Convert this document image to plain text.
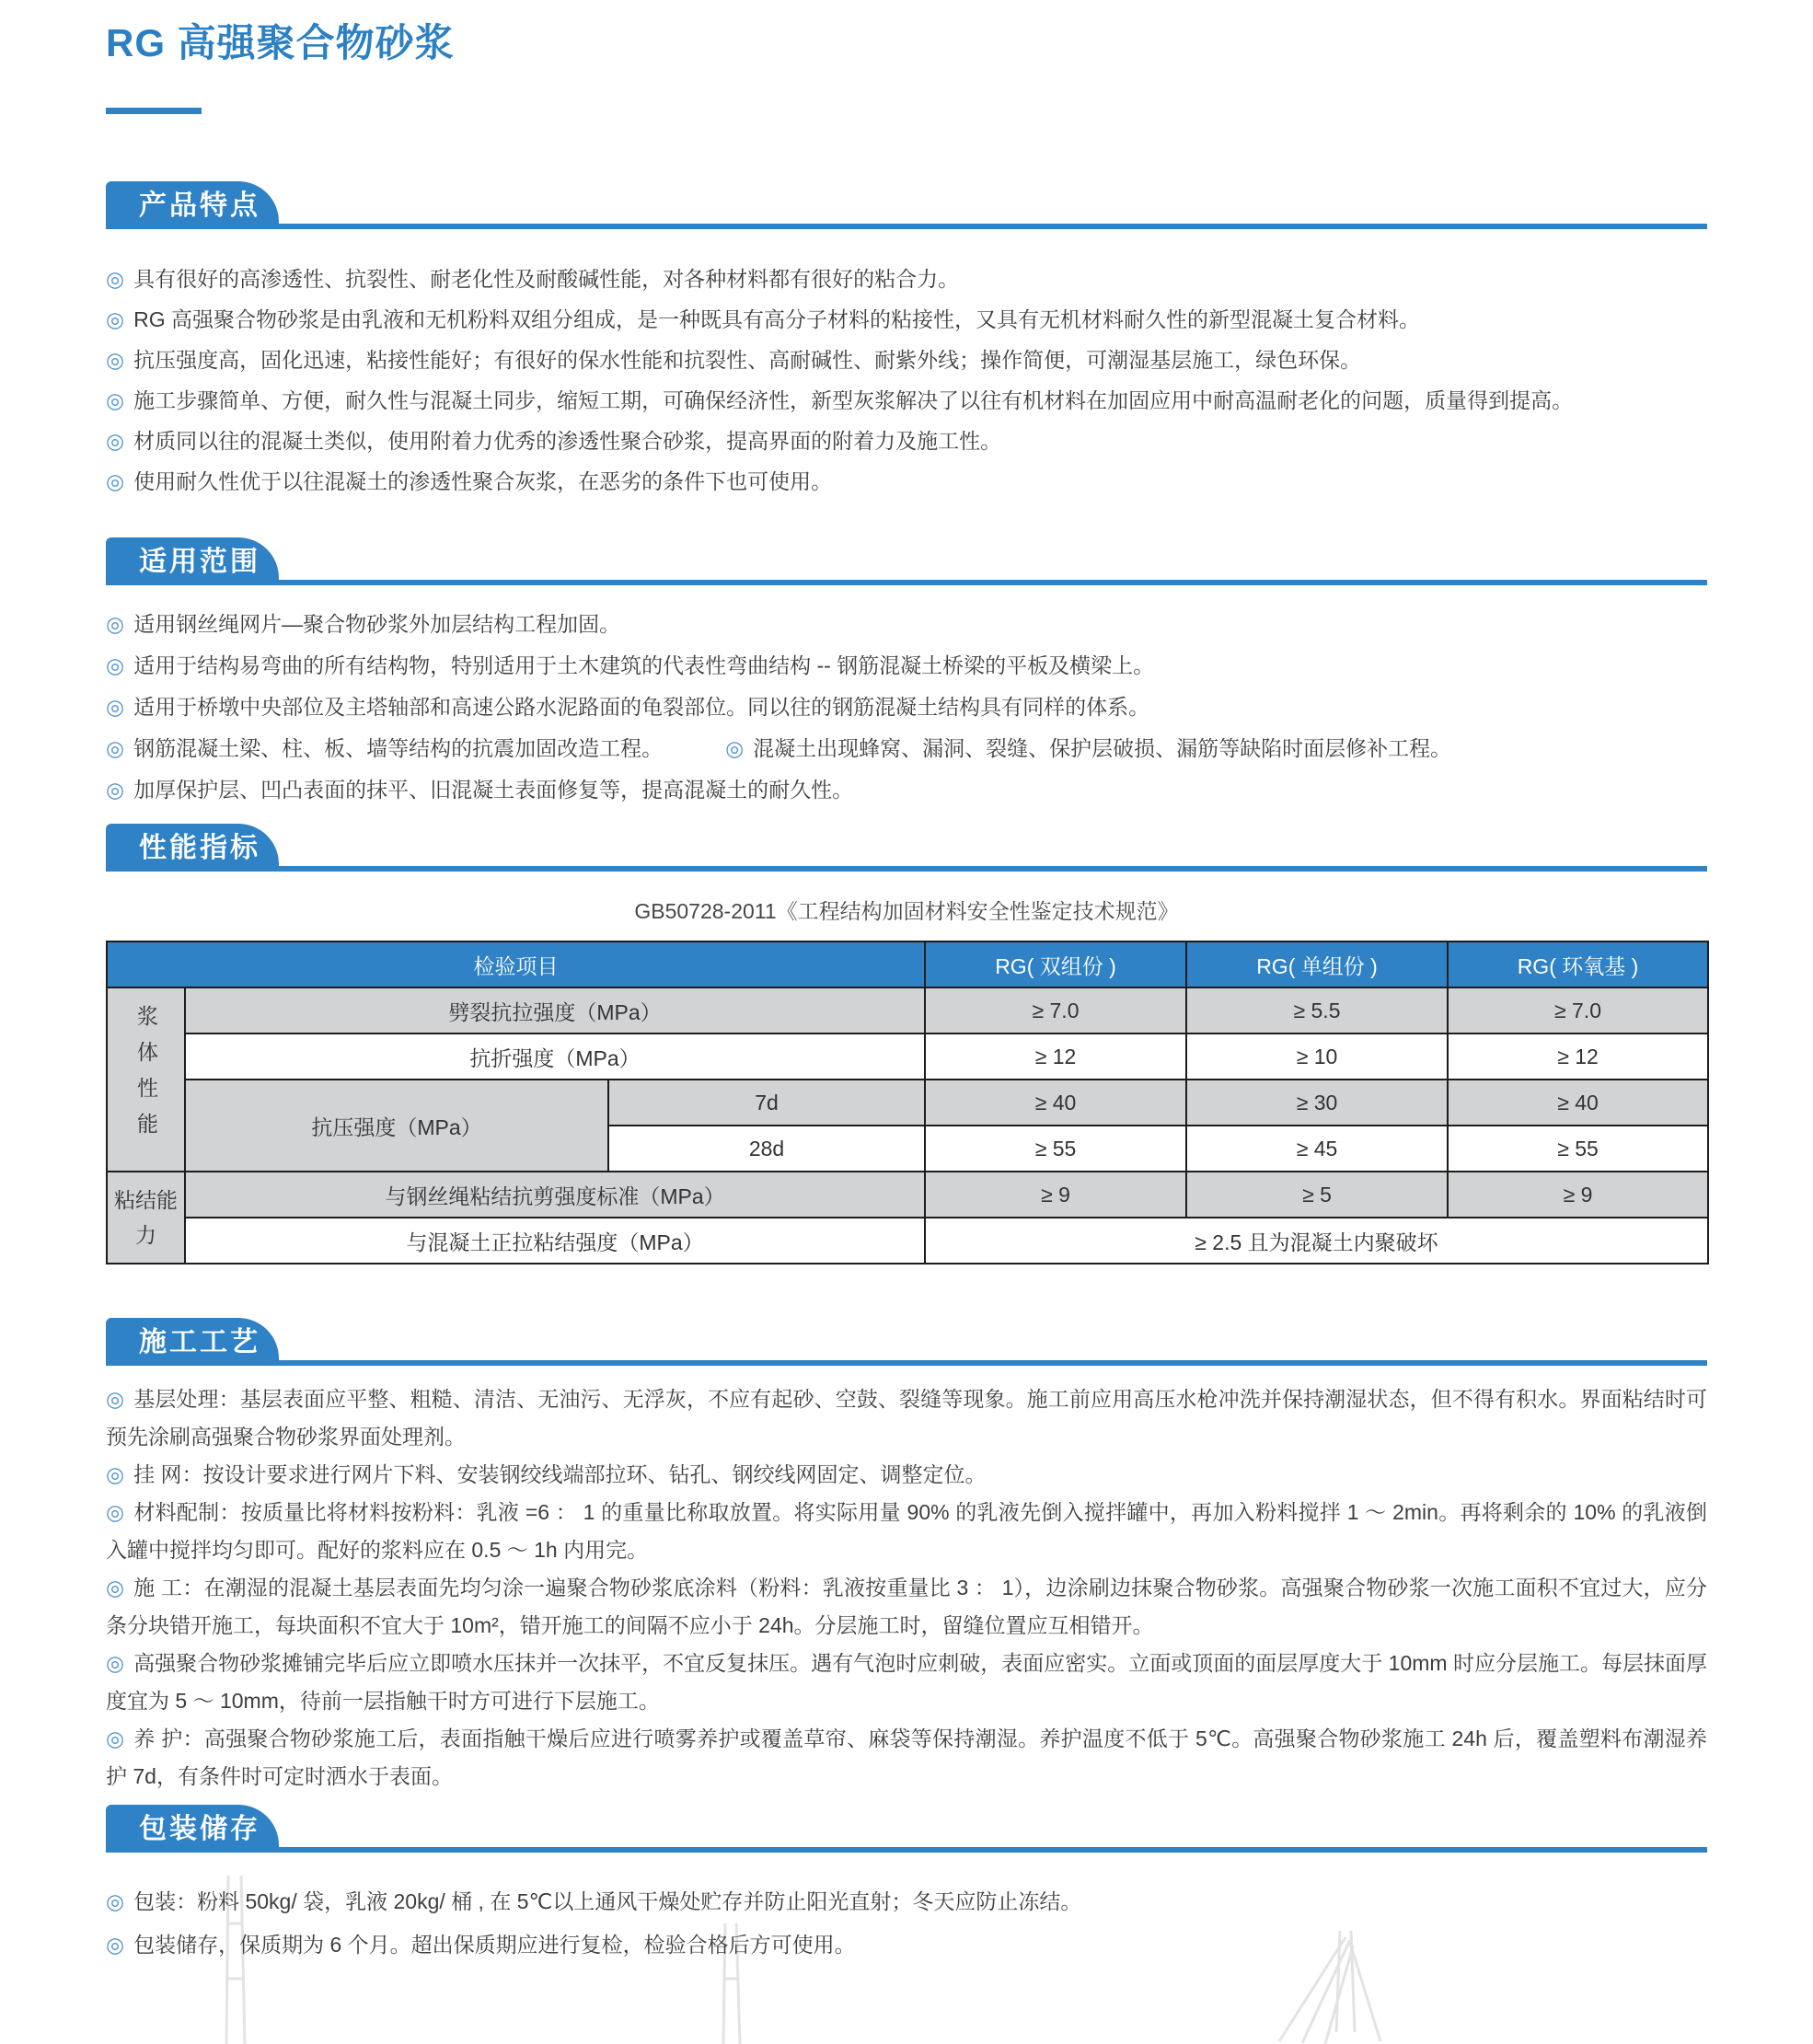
RG 高强聚合物砂浆
产品特点
◎ 具有很好的高渗透性、抗裂性、耐老化性及耐酸碱性能，对各种材料都有很好的粘合力。
◎ RG 高强聚合物砂浆是由乳液和无机粉料双组分组成，是一种既具有高分子材料的粘接性，又具有无机材料耐久性的新型混凝土复合材料。
◎ 抗压强度高，固化迅速，粘接性能好；有很好的保水性能和抗裂性、高耐碱性、耐紫外线；操作简便，可潮湿基层施工，绿色环保。
◎ 施工步骤简单、方便，耐久性与混凝土同步，缩短工期，可确保经济性，新型灰浆解决了以往有机材料在加固应用中耐高温耐老化的问题，质量得到提高。
◎ 材质同以往的混凝土类似，使用附着力优秀的渗透性聚合砂浆，提高界面的附着力及施工性。
◎ 使用耐久性优于以往混凝土的渗透性聚合灰浆，在恶劣的条件下也可使用。
适用范围
◎ 适用钢丝绳网片—聚合物砂浆外加层结构工程加固。
◎ 适用于结构易弯曲的所有结构物，特别适用于土木建筑的代表性弯曲结构 -- 钢筋混凝土桥梁的平板及横梁上。
◎ 适用于桥墩中央部位及主塔轴部和高速公路水泥路面的龟裂部位。同以往的钢筋混凝土结构具有同样的体系。
◎ 钢筋混凝土梁、柱、板、墙等结构的抗震加固改造工程。	◎ 混凝土出现蜂窝、漏洞、裂缝、保护层破损、漏筋等缺陷时面层修补工程。
◎ 加厚保护层、凹凸表面的抹平、旧混凝土表面修复等，提高混凝土的耐久性。
性能指标
GB50728-2011《工程结构加固材料安全性鉴定技术规范》
检验项目			RG( 双组份 )	RG( 单组份 )	RG( 环氧基 )
浆体性能	劈裂抗拉强度（MPa）		≥ 7.0	≥ 5.5	≥ 7.0
	抗折强度（MPa）		≥ 12	≥ 10	≥ 12
	抗压强度（MPa）	7d	≥ 40	≥ 30	≥ 40
		28d	≥ 55	≥ 45	≥ 55

粘结能力	与钢丝绳粘结抗剪强度标准（MPa）		≥ 9	≥ 5	≥ 9
	与混凝土正拉粘结强度（MPa）		≥ 2.5 且为混凝土内聚破坏		
施工工艺
◎ 基层处理：基层表面应平整、粗糙、清洁、无油污、无浮灰，不应有起砂、空鼓、裂缝等现象。施工前应用高压水枪冲洗并保持潮湿状态，但不得有积水。界面粘结时可预先涂刷高强聚合物砂浆界面处理剂。
◎ 挂 网：按设计要求进行网片下料、安装钢绞线端部拉环、钻孔、钢绞线网固定、调整定位。
◎ 材料配制：按质量比将材料按粉料：乳液 =6 ： 1 的重量比称取放置。将实际用量 90% 的乳液先倒入搅拌罐中，再加入粉料搅拌 1 ～ 2min。再将剩余的 10% 的乳液倒入罐中搅拌均匀即可。配好的浆料应在 0.5 ～ 1h 内用完。
◎ 施 工：在潮湿的混凝土基层表面先均匀涂一遍聚合物砂浆底涂料（粉料：乳液按重量比 3 ： 1），边涂刷边抹聚合物砂浆。高强聚合物砂浆一次施工面积不宜过大，应分条分块错开施工，每块面积不宜大于 10m²，错开施工的间隔不应小于 24h。分层施工时，留缝位置应互相错开。
◎ 高强聚合物砂浆摊铺完毕后应立即喷水压抹并一次抹平，不宜反复抹压。遇有气泡时应刺破，表面应密实。立面或顶面的面层厚度大于 10mm 时应分层施工。每层抹面厚度宜为 5 ～ 10mm，待前一层指触干时方可进行下层施工。
◎ 养 护：高强聚合物砂浆施工后，表面指触干燥后应进行喷雾养护或覆盖草帘、麻袋等保持潮湿。养护温度不低于 5℃。高强聚合物砂浆施工 24h 后，覆盖塑料布潮湿养护 7d，有条件时可定时洒水于表面。
包装储存
◎ 包装：粉料 50kg/ 袋，乳液 20kg/ 桶 , 在 5℃以上通风干燥处贮存并防止阳光直射；冬天应防止冻结。
◎ 包装储存，保质期为 6 个月。超出保质期应进行复检，检验合格后方可使用。
